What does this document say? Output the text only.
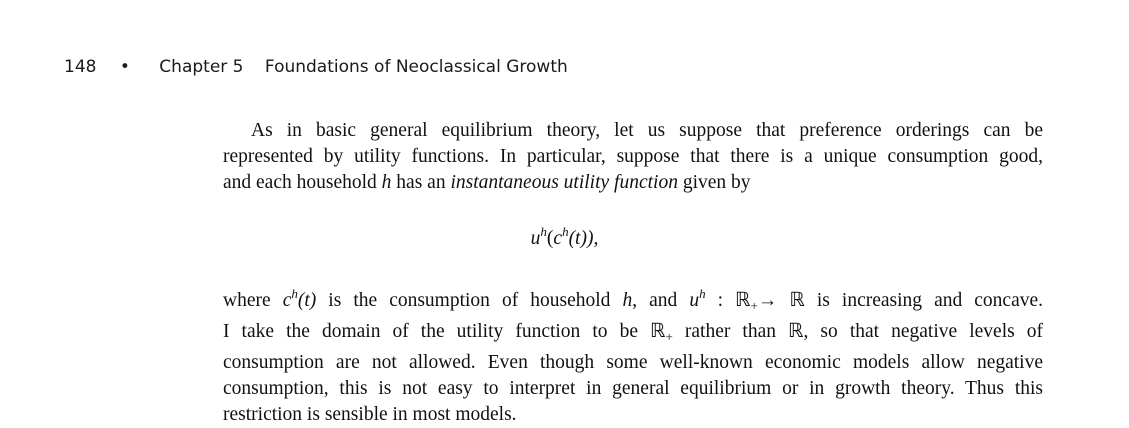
148 • Chapter 5 Foundations of Neoclassical Growth
As in basic general equilibrium theory, let us suppose that preference orderings can be
represented by utility functions. In particular, suppose that there is a unique consumption good,
and each household h has an instantaneous utility function given by
$u^h(c^h(t))$,
where $c^h(t)$ is the consumption of household h, and $u^h$ : ℝ$_+$→ ℝ is increasing and concave.
I take the domain of the utility function to be ℝ$_+$ rather than ℝ, so that negative levels of
consumption are not allowed. Even though some well-known economic models allow negative
consumption, this is not easy to interpret in general equilibrium or in growth theory. Thus this
restriction is sensible in most models.
